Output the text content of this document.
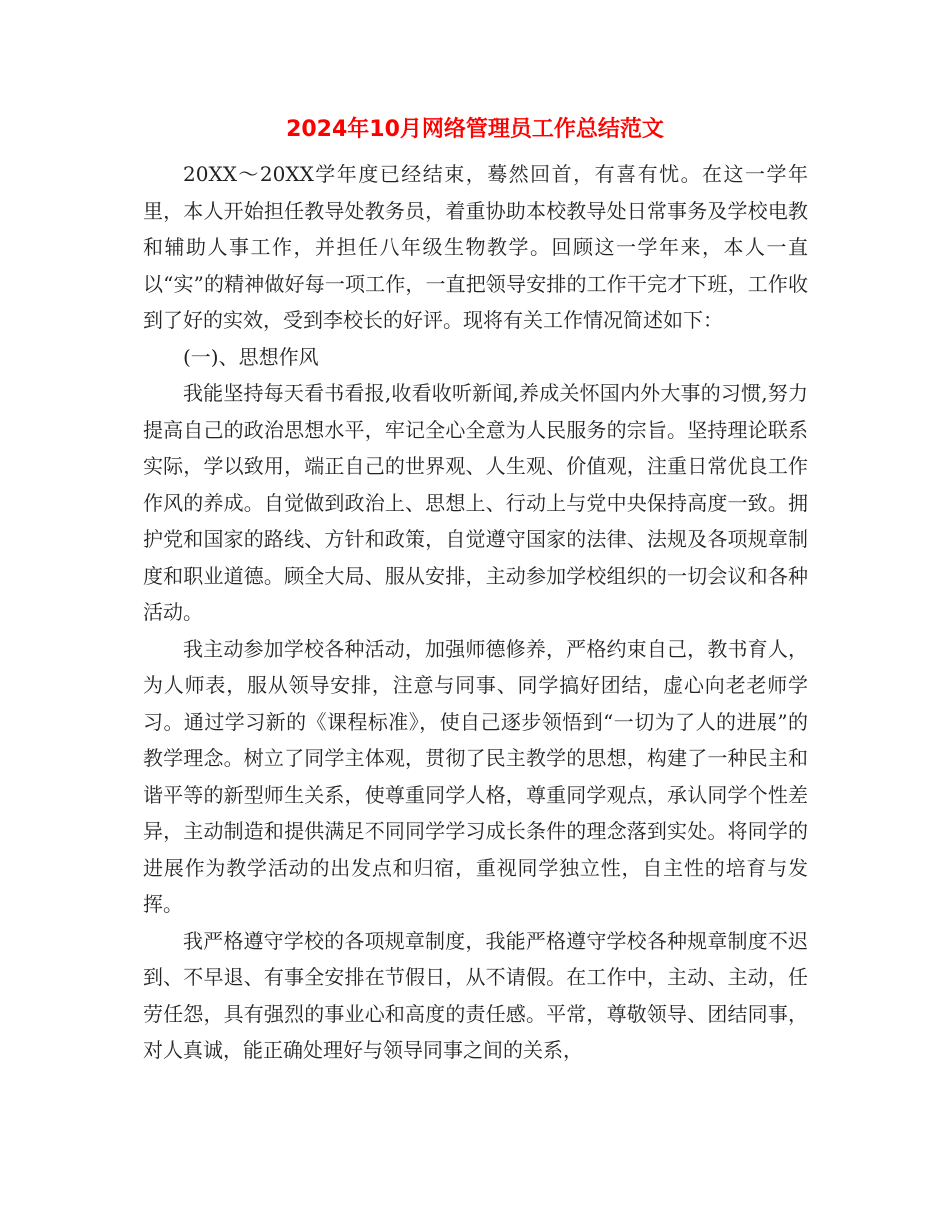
2024年10月网络管理员工作总结范文

20XX～20XX学年度已经结束，蓦然回首，有喜有忧。在这一学年里，本人开始担任教导处教务员，着重协助本校教导处日常事务及学校电教和辅助人事工作，并担任八年级生物教学。回顾这一学年来，本人一直以“实”的精神做好每一项工作，一直把领导安排的工作干完才下班，工作收到了好的实效，受到李校长的好评。现将有关工作情况简述如下：

(一)、思想作风

我能坚持每天看书看报,收看收听新闻,养成关怀国内外大事的习惯,努力提高自己的政治思想水平，牢记全心全意为人民服务的宗旨。坚持理论联系实际，学以致用，端正自己的世界观、人生观、价值观，注重日常优良工作作风的养成。自觉做到政治上、思想上、行动上与党中央保持高度一致。拥护党和国家的路线、方针和政策，自觉遵守国家的法律、法规及各项规章制度和职业道德。顾全大局、服从安排，主动参加学校组织的一切会议和各种活动。

我主动参加学校各种活动，加强师德修养，严格约束自己，教书育人，为人师表，服从领导安排，注意与同事、同学搞好团结，虚心向老老师学习。通过学习新的《课程标准》，使自己逐步领悟到“一切为了人的进展”的教学理念。树立了同学主体观，贯彻了民主教学的思想，构建了一种民主和谐平等的新型师生关系，使尊重同学人格，尊重同学观点，承认同学个性差异，主动制造和提供满足不同同学学习成长条件的理念落到实处。将同学的进展作为教学活动的出发点和归宿，重视同学独立性，自主性的培育与发挥。

我严格遵守学校的各项规章制度，我能严格遵守学校各种规章制度不迟到、不早退、有事全安排在节假日，从不请假。在工作中，主动、主动，任劳任怨，具有强烈的事业心和高度的责任感。平常，尊敬领导、团结同事，对人真诚，能正确处理好与领导同事之间的关系，
